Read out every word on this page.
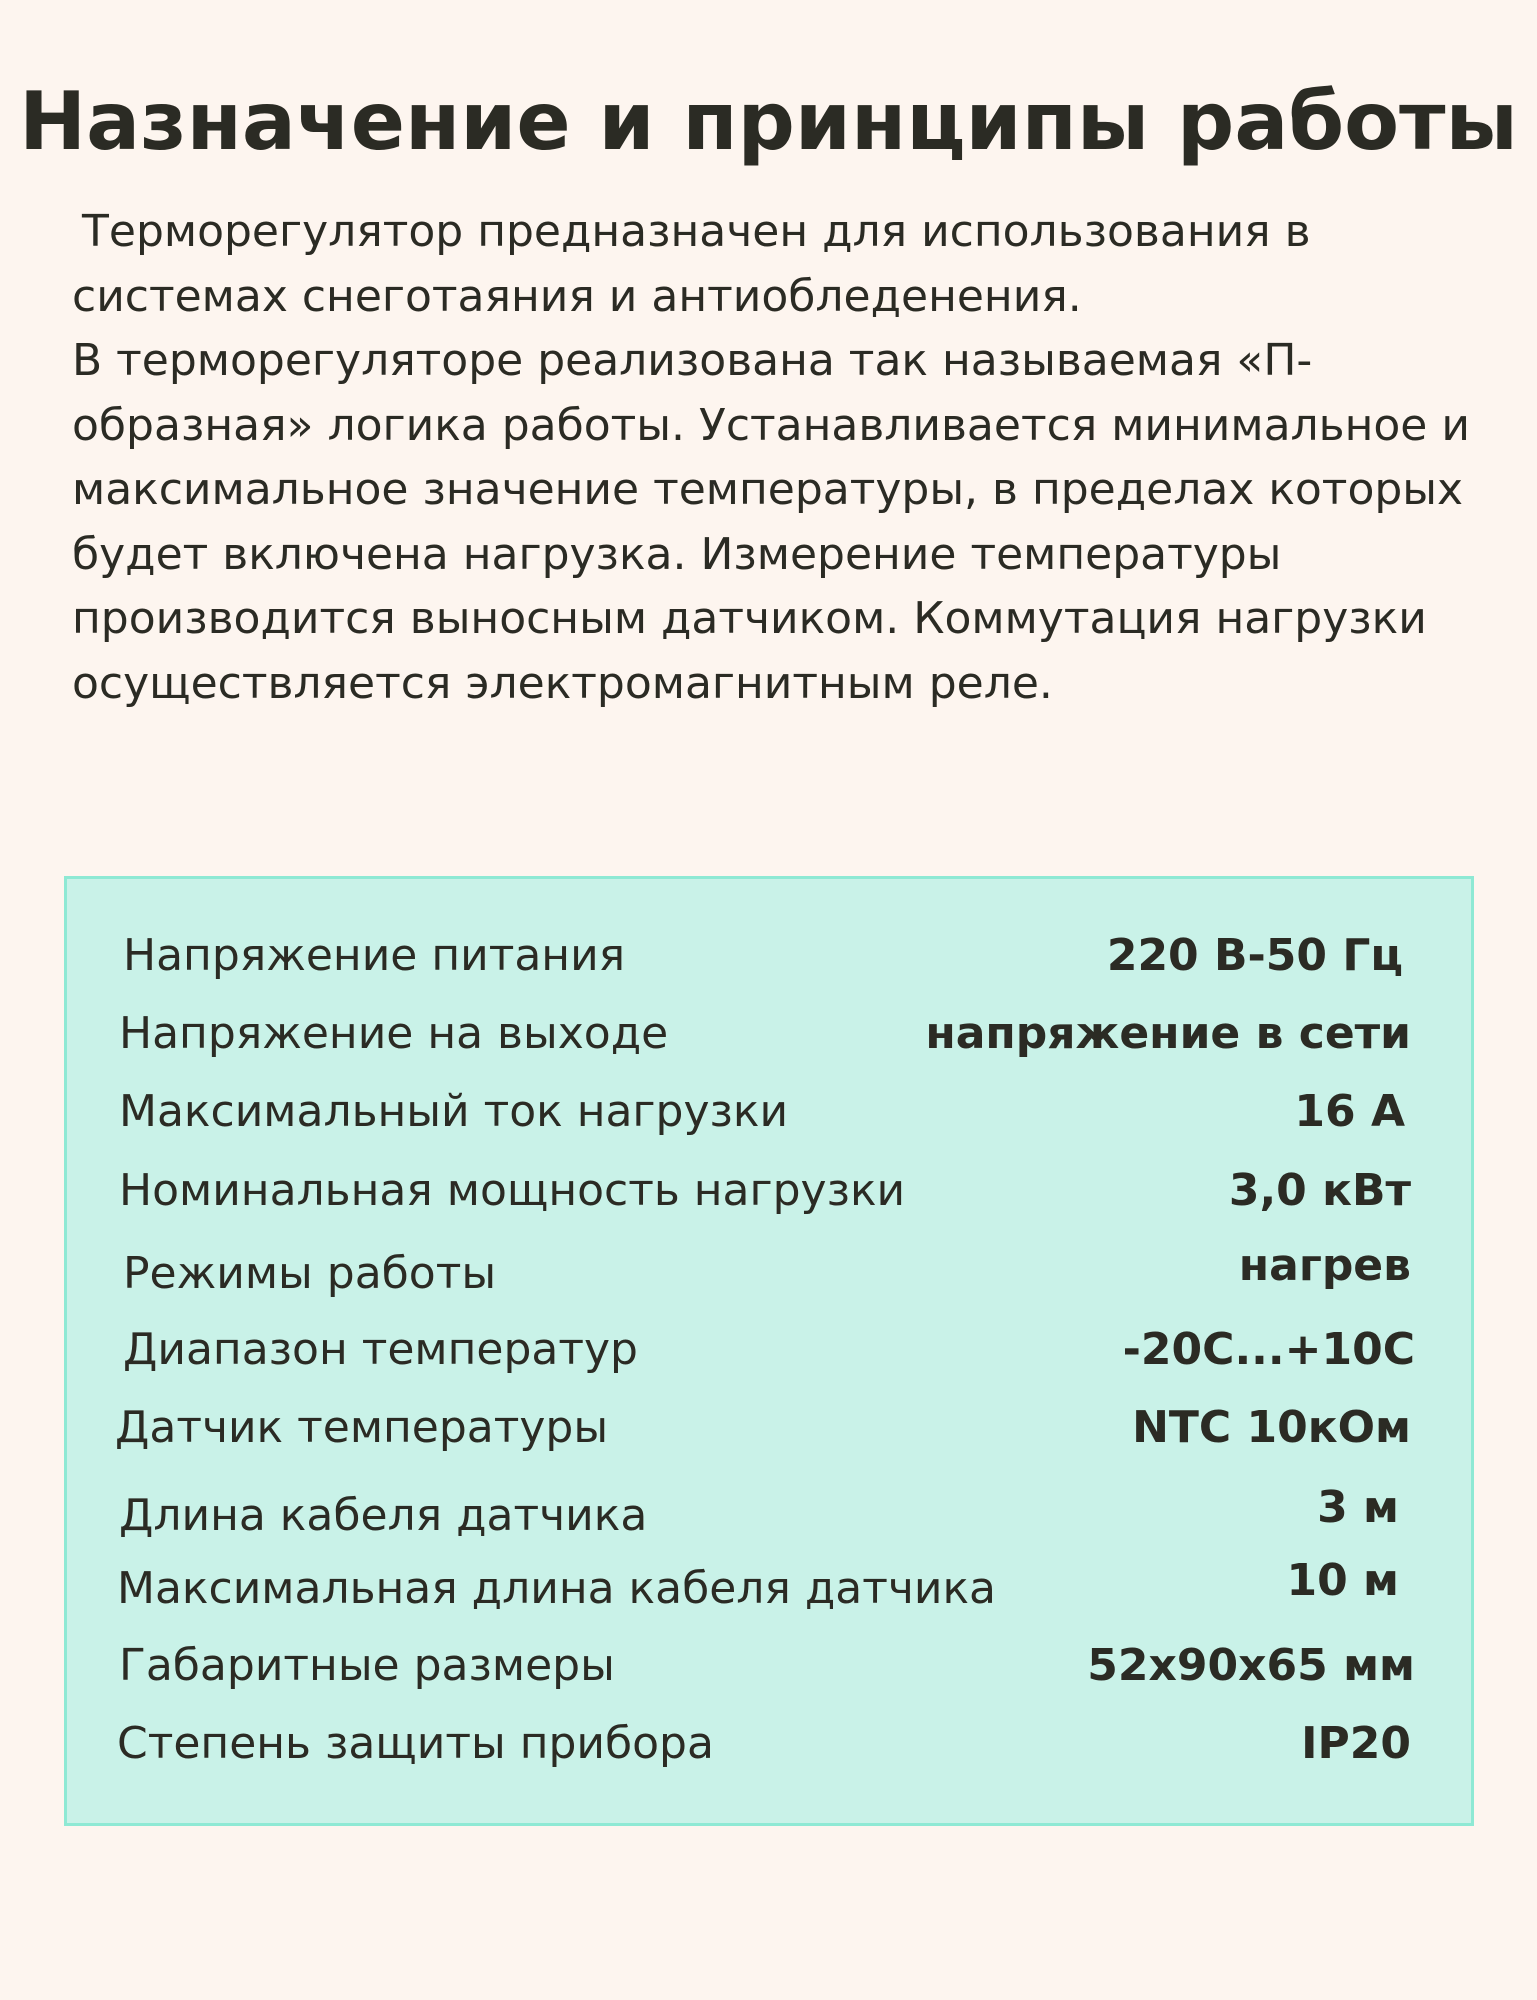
Назначение и принципы работы

Терморегулятор предназначен для использования в системах снеготаяния и антиобледенения.

В терморегуляторе реализована так называемая «П-образная» логика работы. Устанавливается минимальное и максимальное значение температуры, в пределах которых будет включена нагрузка. Измерение температуры производится выносным датчиком. Коммутация нагрузки осуществляется электромагнитным реле.

Напряжение питания	220 В-50 Гц
Напряжение на выходе	напряжение в сети
Максимальный ток нагрузки	16 А
Номинальная мощность нагрузки	3,0 кВт
Режимы работы	нагрев
Диапазон температур	-20С...+10С
Датчик температуры	NTC 10кОм
Длина кабеля датчика	3 м
Максимальная длина кабеля датчика	10 м
Габаритные размеры	52x90x65 мм
Степень защиты прибора	IP20
